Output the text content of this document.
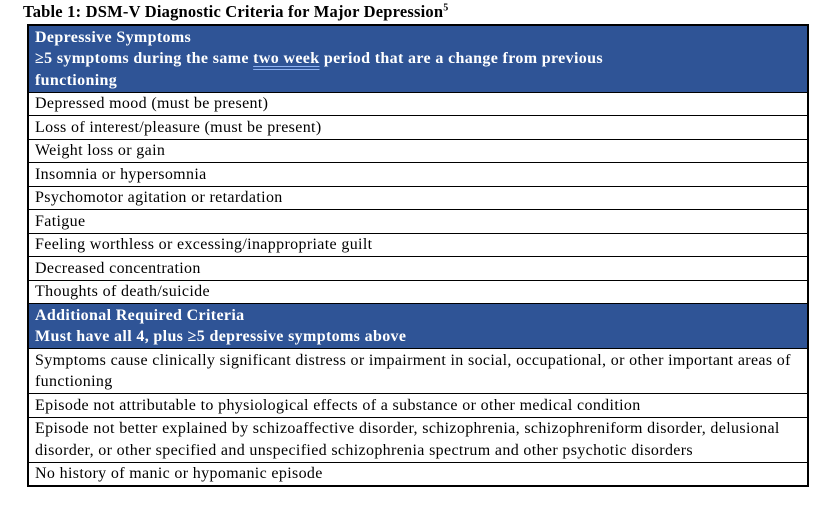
Table 1: DSM-V Diagnostic Criteria for Major Depression$^5$
Depressive Symptoms
≥5 symptoms during the same two week period that are a change from previous
functioning
Depressed mood (must be present)
Loss of interest/pleasure (must be present)
Weight loss or gain
Insomnia or hypersomnia
Psychomotor agitation or retardation
Fatigue
Feeling worthless or excessing/inappropriate guilt
Decreased concentration
Thoughts of death/suicide
Additional Required Criteria
Must have all 4, plus ≥5 depressive symptoms above
Symptoms cause clinically significant distress or impairment in social, occupational, or other important areas of functioning
Episode not attributable to physiological effects of a substance or other medical condition
Episode not better explained by schizoaffective disorder, schizophrenia, schizophreniform disorder, delusional disorder, or other specified and unspecified schizophrenia spectrum and other psychotic disorders
No history of manic or hypomanic episode
